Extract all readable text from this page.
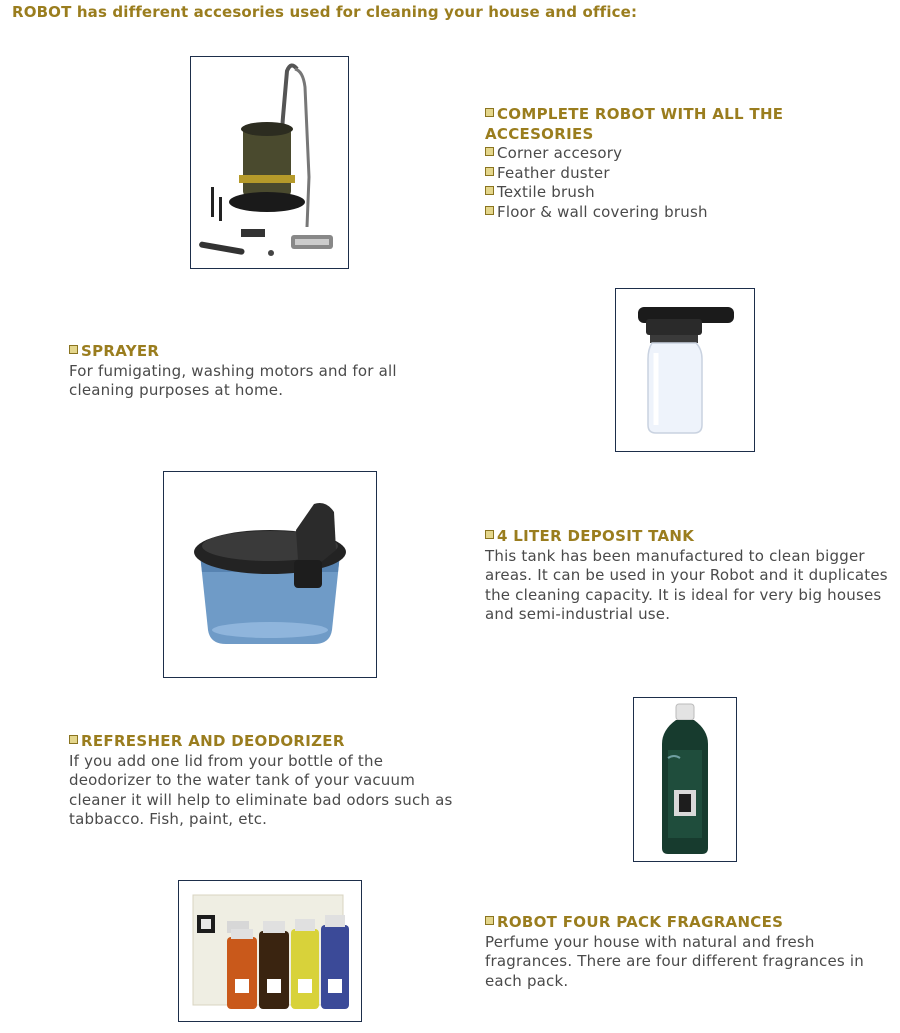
ROBOT has different accesories used for cleaning your house and office:
COMPLETE ROBOT WITH ALL THE ACCESORIES
Corner accesory
Feather duster
Textile brush
Floor & wall covering brush
SPRAYER
For fumigating, washing motors and for all cleaning purposes at home.
4 LITER DEPOSIT TANK
This tank has been manufactured to clean bigger areas. It can be used in your Robot and it duplicates the cleaning capacity. It is ideal for very big houses and semi-industrial use.
REFRESHER AND DEODORIZER
If you add one lid from your bottle of the deodorizer to the water tank of your vacuum cleaner it will help to eliminate bad odors such as tabbacco. Fish, paint, etc.
ROBOT FOUR PACK FRAGRANCES
Perfume your house with natural and fresh fragrances. There are four different fragrances in each pack.
